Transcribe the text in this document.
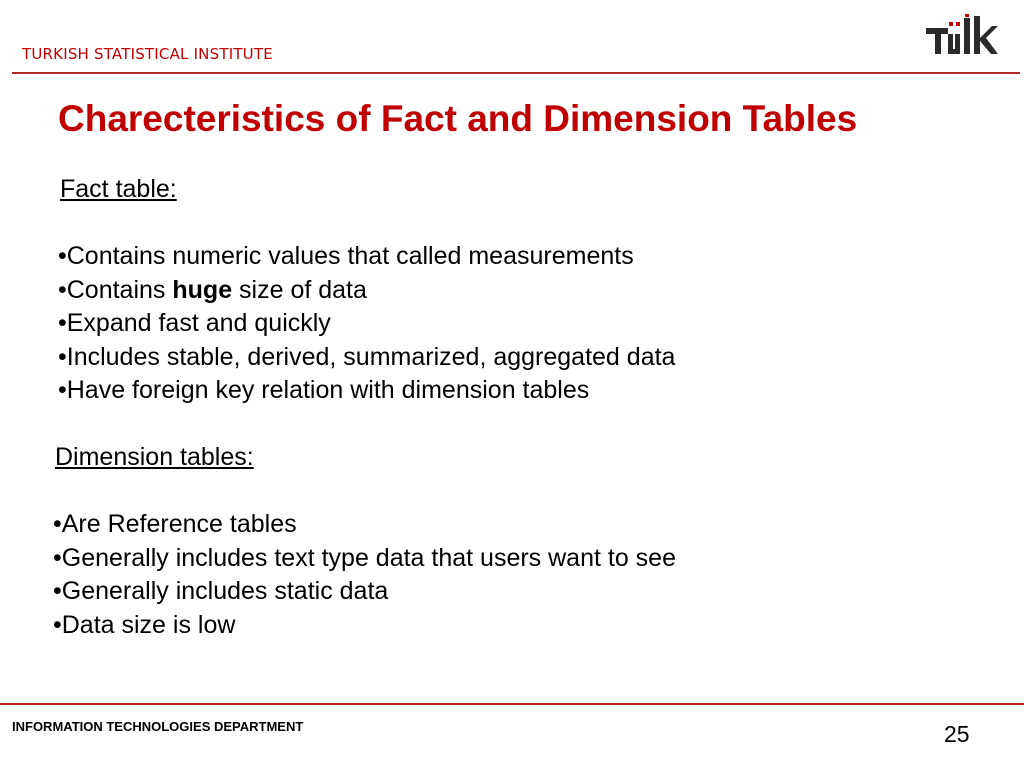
TURKISH STATISTICAL INSTITUTE
Charecteristics of Fact and Dimension Tables
Fact table:
•Contains numeric values that called measurements
•Contains huge size of data
•Expand fast and quickly
•Includes stable, derived, summarized, aggregated data
•Have foreign key relation with dimension tables
Dimension tables:
•Are Reference tables
•Generally includes text type data that users want to see
•Generally includes static data
•Data size is low
INFORMATION TECHNOLOGIES DEPARTMENT	25
